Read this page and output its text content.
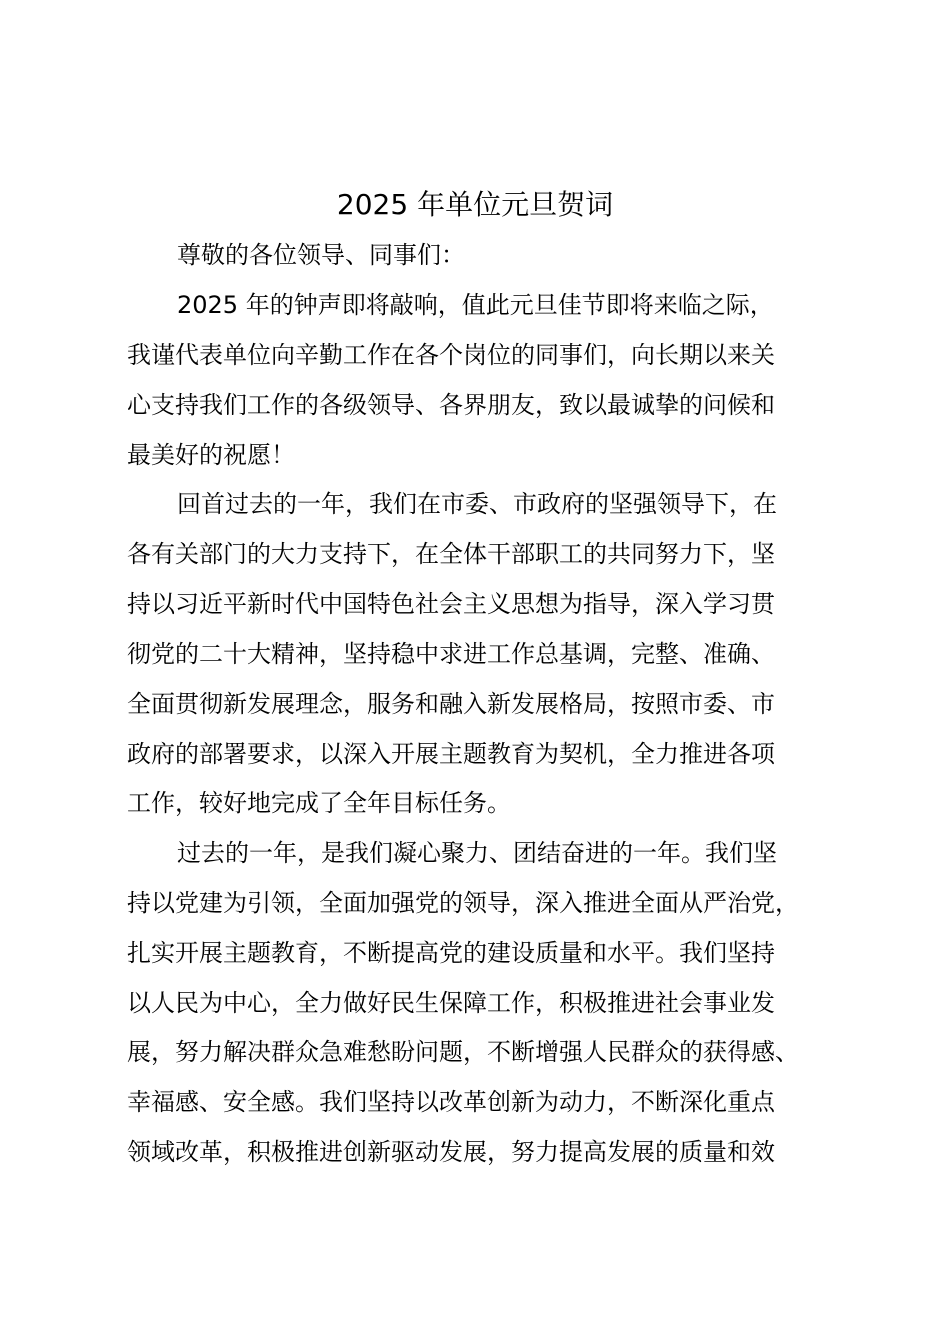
2025 年单位元旦贺词
尊敬的各位领导、同事们：
2025 年的钟声即将敲响，值此元旦佳节即将来临之际，
我谨代表单位向辛勤工作在各个岗位的同事们，向长期以来关
心支持我们工作的各级领导、各界朋友，致以最诚挚的问候和
最美好的祝愿！
回首过去的一年，我们在市委、市政府的坚强领导下，在
各有关部门的大力支持下，在全体干部职工的共同努力下，坚
持以习近平新时代中国特色社会主义思想为指导，深入学习贯
彻党的二十大精神，坚持稳中求进工作总基调，完整、准确、
全面贯彻新发展理念，服务和融入新发展格局，按照市委、市
政府的部署要求，以深入开展主题教育为契机，全力推进各项
工作，较好地完成了全年目标任务。
过去的一年，是我们凝心聚力、团结奋进的一年。我们坚
持以党建为引领，全面加强党的领导，深入推进全面从严治党，
扎实开展主题教育，不断提高党的建设质量和水平。我们坚持
以人民为中心，全力做好民生保障工作，积极推进社会事业发
展，努力解决群众急难愁盼问题，不断增强人民群众的获得感、
幸福感、安全感。我们坚持以改革创新为动力，不断深化重点
领域改革，积极推进创新驱动发展，努力提高发展的质量和效
